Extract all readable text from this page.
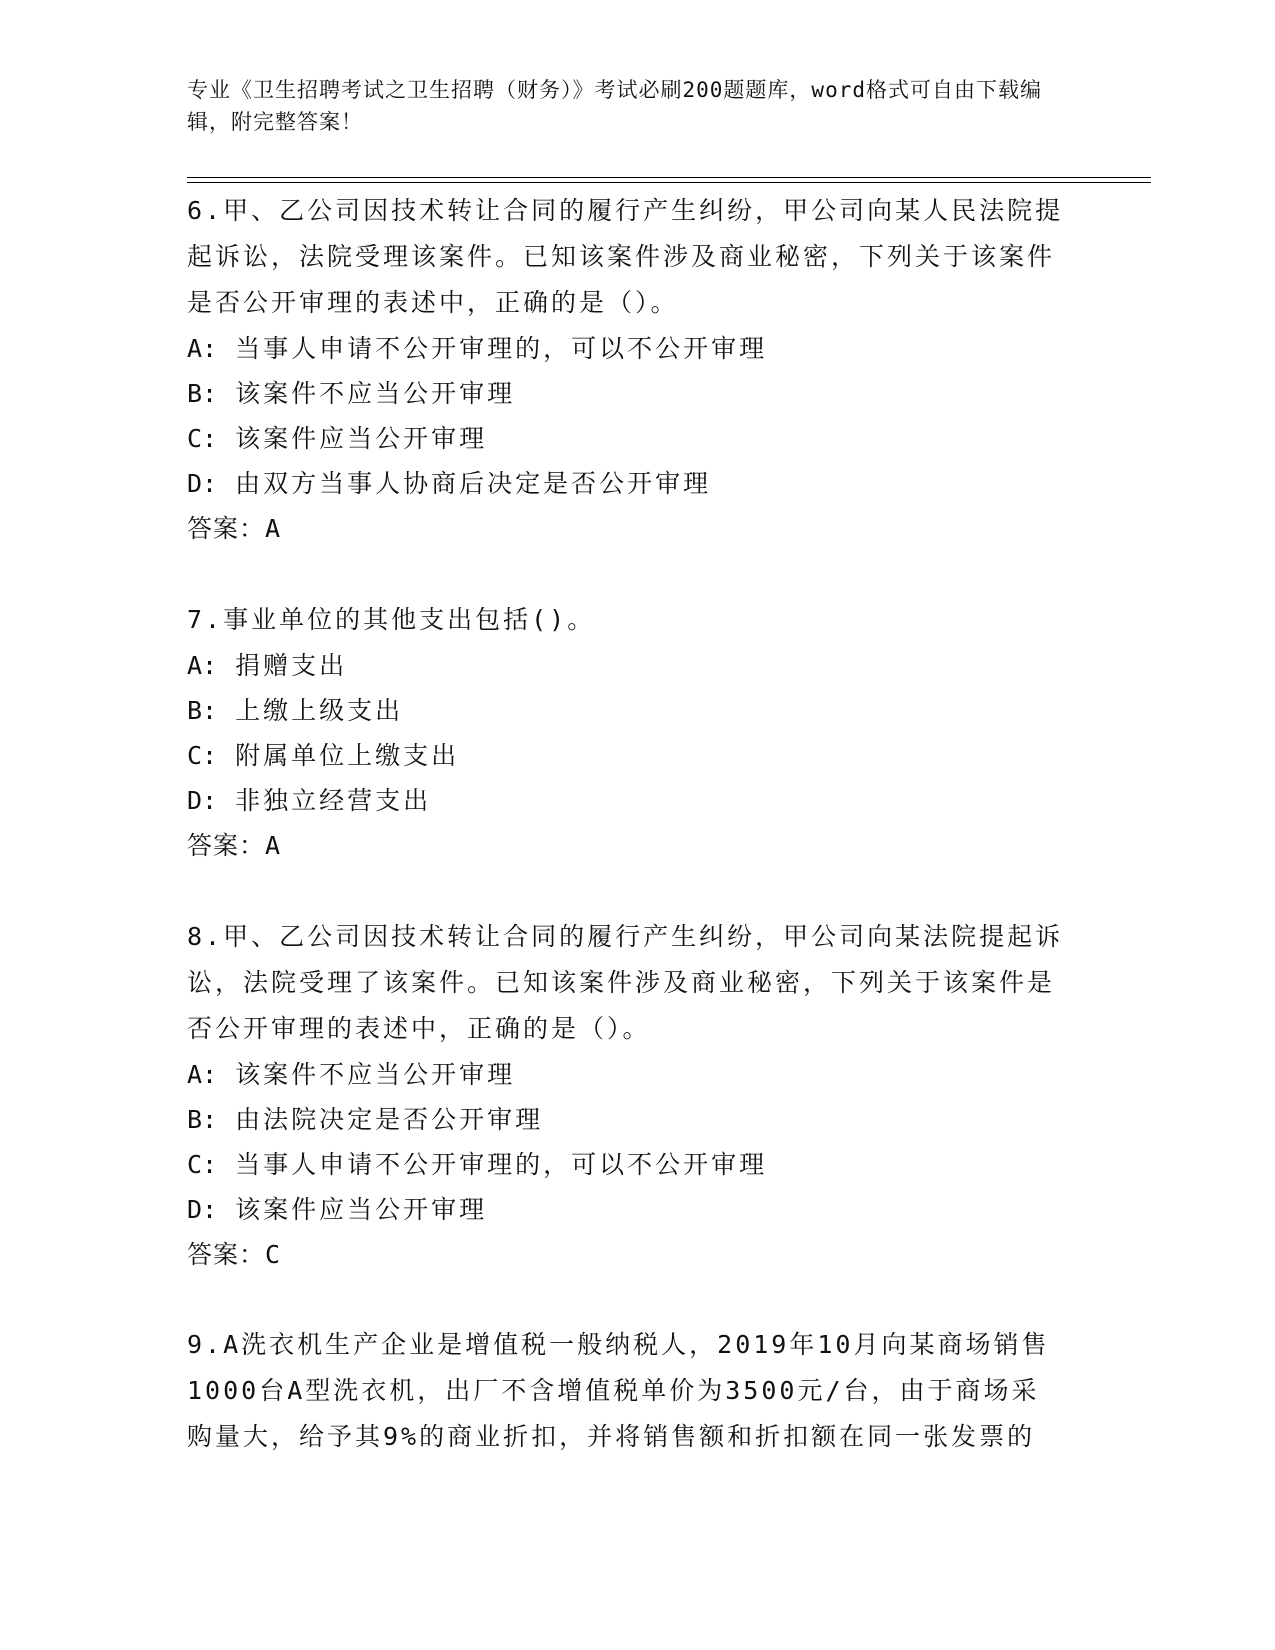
专业《卫生招聘考试之卫生招聘（财务）》考试必刷200题题库，word格式可自由下载编辑，附完整答案！

6.甲、乙公司因技术转让合同的履行产生纠纷，甲公司向某人民法院提起诉讼，法院受理该案件。已知该案件涉及商业秘密，下列关于该案件是否公开审理的表述中，正确的是（）。

A: 当事人申请不公开审理的，可以不公开审理

B: 该案件不应当公开审理

C: 该案件应当公开审理

D: 由双方当事人协商后决定是否公开审理

答案：A

7.事业单位的其他支出包括()。

A: 捐赠支出

B: 上缴上级支出

C: 附属单位上缴支出

D: 非独立经营支出

答案：A

8.甲、乙公司因技术转让合同的履行产生纠纷，甲公司向某法院提起诉讼，法院受理了该案件。已知该案件涉及商业秘密，下列关于该案件是否公开审理的表述中，正确的是（）。

A: 该案件不应当公开审理

B: 由法院决定是否公开审理

C: 当事人申请不公开审理的，可以不公开审理

D: 该案件应当公开审理

答案：C

9.A洗衣机生产企业是增值税一般纳税人，2019年10月向某商场销售1000台A型洗衣机，出厂不含增值税单价为3500元/台，由于商场采购量大，给予其9%的商业折扣，并将销售额和折扣额在同一张发票的
